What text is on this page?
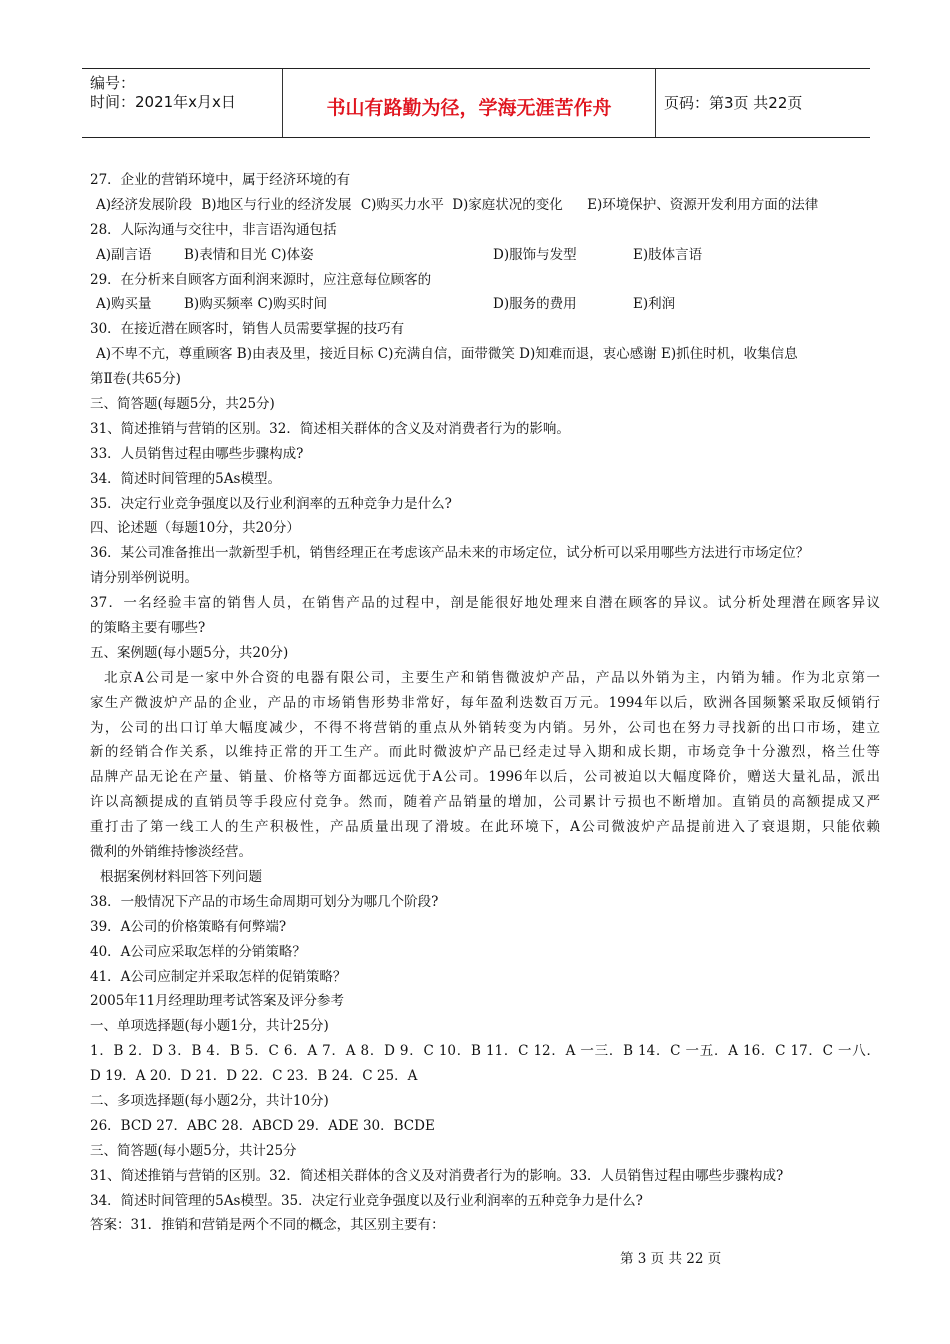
编号：
时间：2021年x月x日	书山有路勤为径，学海无涯苦作舟	页码：第3页 共22页
27．企业的营销环境中，属于经济环境的有
A)经济发展阶段 B)地区与行业的经济发展 C)购买力水平 D)家庭状况的变化 E)环境保护、资源开发利用方面的法律
28．人际沟通与交往中，非言语沟通包括
A)副言语 B)表情和目光 C)体姿	D)服饰与发型	E)肢体言语
29．在分析来自顾客方面利润来源时，应注意每位顾客的
A)购买量 B)购买频率 C)购买时间	D)服务的费用	E)利润
30．在接近潜在顾客时，销售人员需要掌握的技巧有
A)不卑不亢，尊重顾客 B)由表及里，接近目标 C)充满自信，面带微笑 D)知难而退，衷心感谢 E)抓住时机，收集信息
第Ⅱ卷(共65分)
三、简答题(每题5分，共25分)
31、简述推销与营销的区别。32．简述相关群体的含义及对消费者行为的影响。
33．人员销售过程由哪些步骤构成?
34．简述时间管理的5As模型。
35．决定行业竞争强度以及行业利润率的五种竞争力是什么?
四、论述题（每题10分，共20分）
36．某公司准备推出一款新型手机，销售经理正在考虑该产品未来的市场定位，试分析可以采用哪些方法进行市场定位？
请分别举例说明。
37．一名经验丰富的销售人员，在销售产品的过程中，剖是能很好地处理来自潜在顾客的异议。试分析处理潜在顾客异议
的策略主要有哪些?
五、案例题(每小题5分，共20分)
北京A公司是一家中外合资的电器有限公司，主要生产和销售微波炉产品，产品以外销为主，内销为辅。作为北京第一
家生产微波炉产品的企业，产品的市场销售形势非常好，每年盈利迭数百万元。1994年以后，欧洲各国频繁采取反倾销行
为，公司的出口订单大幅度减少，不得不将营销的重点从外销转变为内销。另外，公司也在努力寻找新的出口市场，建立
新的经销合作关系，以维持正常的开工生产。而此时微波炉产品已经走过导入期和成长期，市场竞争十分激烈，格兰仕等
品牌产品无论在产量、销量、价格等方面都远远优于A公司。1996年以后，公司被迫以大幅度降价，赠送大量礼品，派出
许以高额提成的直销员等手段应付竞争。然而，随着产品销量的增加，公司累计亏损也不断增加。直销员的高额提成又严
重打击了第一线工人的生产积极性，产品质量出现了滑坡。在此环境下，A公司微波炉产品提前进入了衰退期，只能依赖
微利的外销维持惨淡经营。
根据案例材料回答下列问题
38．一般情况下产品的市场生命周期可划分为哪几个阶段?
39．A公司的价格策略有何弊端?
40．A公司应采取怎样的分销策略？
41．A公司应制定并采取怎样的促销策略？
2005年11月经理助理考试答案及评分参考
一、单项选择题(每小题1分，共计25分)
1．B 2．D 3．B 4．B 5．C 6．A 7．A 8．D 9．C 10．B 11．C 12．A 一三．B 14．C 一五．A 16．C 17．C 一八．
D 19．A 20．D 21．D 22．C 23．B 24．C 25．A
二、多项选择题(每小题2分，共计10分)
26．BCD 27．ABC 28．ABCD 29．ADE 30．BCDE
三、简答题(每小题5分，共计25分
31、简述推销与营销的区别。32．简述相关群体的含义及对消费者行为的影响。33．人员销售过程由哪些步骤构成?
34．简述时间管理的5As模型。35．决定行业竞争强度以及行业利润率的五种竞争力是什么?
答案：31．推销和营销是两个不同的概念，其区别主要有：
第 3 页 共 22 页
